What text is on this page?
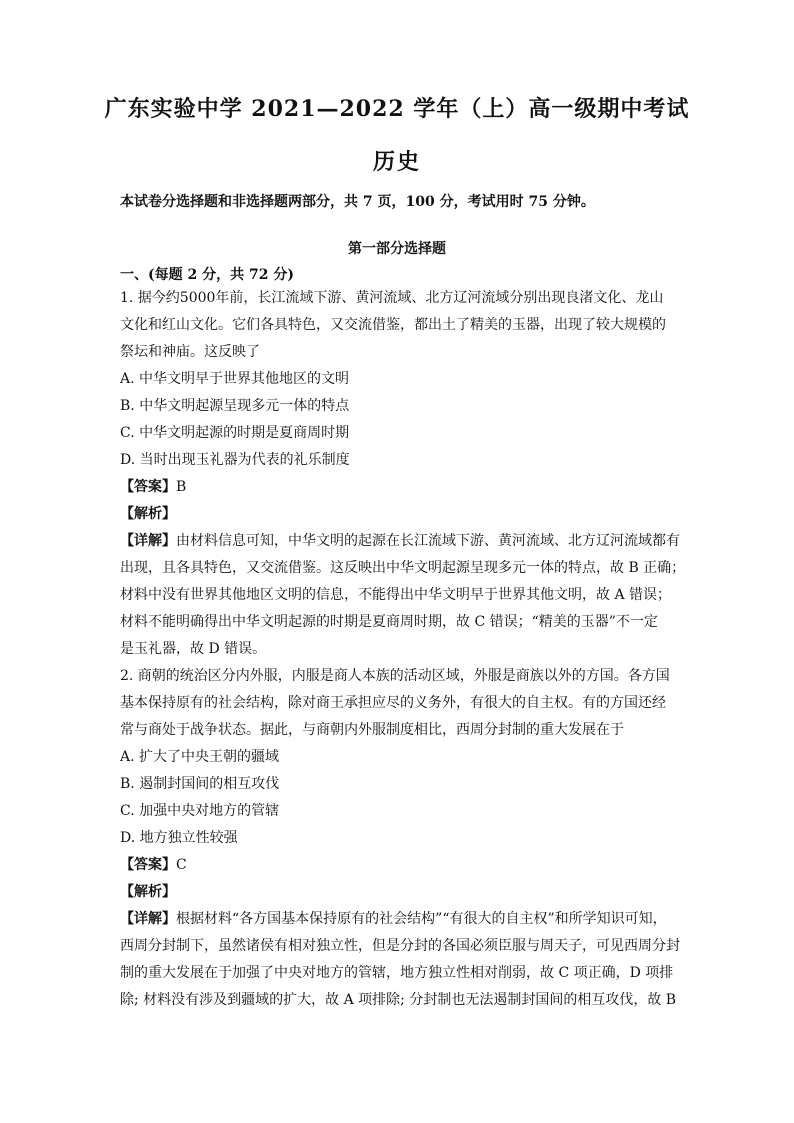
广东实验中学 2021—2022 学年（上）高一级期中考试
历史
本试卷分选择题和非选择题两部分，共 7 页，100 分，考试用时 75 分钟。
第一部分选择题
一、(每题 2 分，共 72 分)
1. 据今约5000年前，长江流域下游、黄河流域、北方辽河流域分别出现良渚文化、龙山
文化和红山文化。它们各具特色，又交流借鉴，都出土了精美的玉器，出现了较大规模的
祭坛和神庙。这反映了
A. 中华文明早于世界其他地区的文明
B. 中华文明起源呈现多元一体的特点
C. 中华文明起源的时期是夏商周时期
D. 当时出现玉礼器为代表的礼乐制度
【答案】B
【解析】
【详解】由材料信息可知，中华文明的起源在长江流域下游、黄河流域、北方辽河流域都有
出现，且各具特色，又交流借鉴。这反映出中华文明起源呈现多元一体的特点，故 B 正确；
材料中没有世界其他地区文明的信息，不能得出中华文明早于世界其他文明，故 A 错误；
材料不能明确得出中华文明起源的时期是夏商周时期，故 C 错误；“精美的玉器”不一定
是玉礼器，故 D 错误。
2. 商朝的统治区分内外服，内服是商人本族的活动区域，外服是商族以外的方国。各方国
基本保持原有的社会结构，除对商王承担应尽的义务外，有很大的自主权。有的方国还经
常与商处于战争状态。据此，与商朝内外服制度相比，西周分封制的重大发展在于
A. 扩大了中央王朝的疆域
B. 遏制封国间的相互攻伐
C. 加强中央对地方的管辖
D. 地方独立性较强
【答案】C
【解析】
【详解】根据材料“各方国基本保持原有的社会结构”“有很大的自主权”和所学知识可知，
西周分封制下，虽然诸侯有相对独立性，但是分封的各国必须臣服与周天子，可见西周分封
制的重大发展在于加强了中央对地方的管辖，地方独立性相对削弱，故 C 项正确，D 项排
除; 材料没有涉及到疆域的扩大，故 A 项排除; 分封制也无法遏制封国间的相互攻伐，故 B
